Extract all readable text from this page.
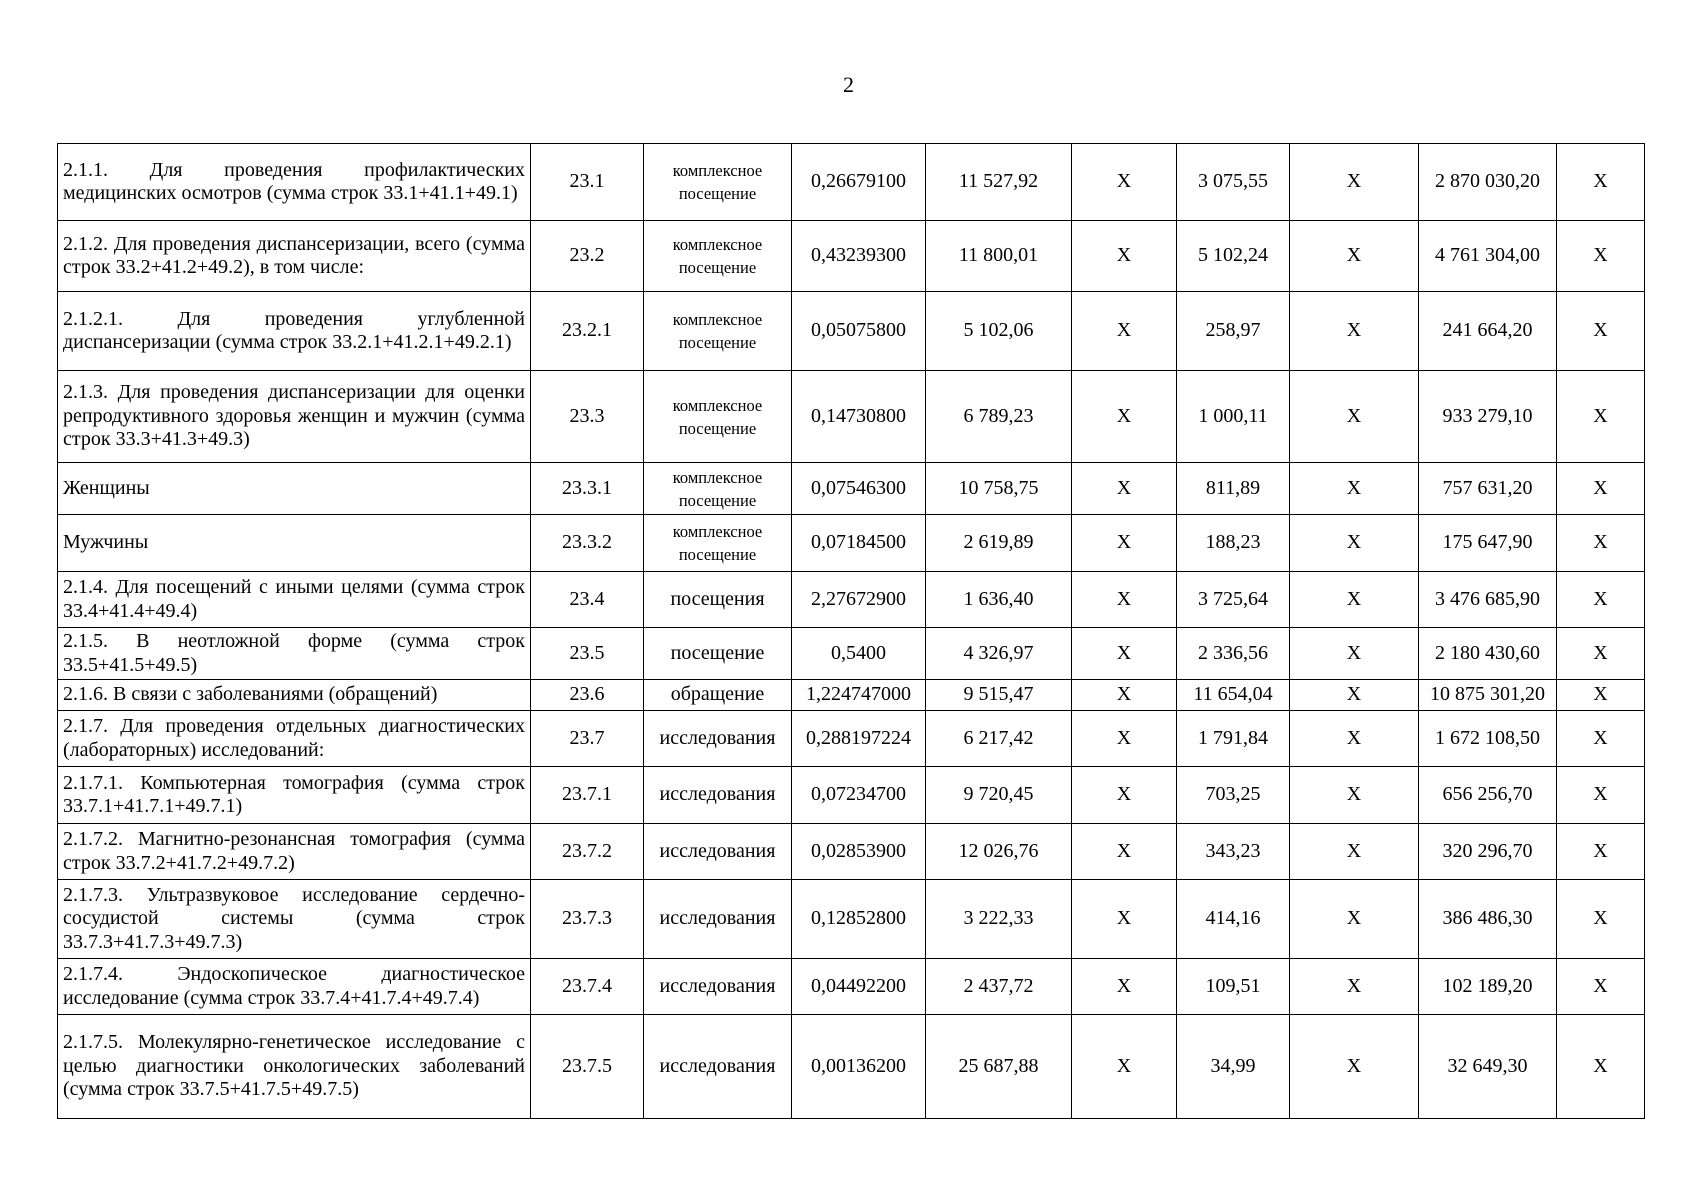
2
2.1.1. Для проведения профилактических медицинских осмотров (сумма строк 33.1+41.1+49.1)	23.1	комплексное посещение	0,26679100	11 527,92	X	3 075,55	X	2 870 030,20	X
2.1.2. Для проведения диспансеризации, всего (сумма строк 33.2+41.2+49.2), в том числе:	23.2	комплексное посещение	0,43239300	11 800,01	X	5 102,24	X	4 761 304,00	X
2.1.2.1. Для проведения углубленной диспансеризации (сумма строк 33.2.1+41.2.1+49.2.1)	23.2.1	комплексное посещение	0,05075800	5 102,06	X	258,97	X	241 664,20	X
2.1.3. Для проведения диспансеризации для оценки репродуктивного здоровья женщин и мужчин (сумма строк 33.3+41.3+49.3)	23.3	комплексное посещение	0,14730800	6 789,23	X	1 000,11	X	933 279,10	X
Женщины	23.3.1	комплексное посещение	0,07546300	10 758,75	X	811,89	X	757 631,20	X
Мужчины	23.3.2	комплексное посещение	0,07184500	2 619,89	X	188,23	X	175 647,90	X
2.1.4. Для посещений с иными целями (сумма строк 33.4+41.4+49.4)	23.4	посещения	2,27672900	1 636,40	X	3 725,64	X	3 476 685,90	X
2.1.5. В неотложной форме (сумма строк 33.5+41.5+49.5)	23.5	посещение	0,5400	4 326,97	X	2 336,56	X	2 180 430,60	X
2.1.6. В связи с заболеваниями (обращений)	23.6	обращение	1,224747000	9 515,47	X	11 654,04	X	10 875 301,20	X
2.1.7. Для проведения отдельных диагностических (лабораторных) исследований:	23.7	исследования	0,288197224	6 217,42	X	1 791,84	X	1 672 108,50	X
2.1.7.1. Компьютерная томография (сумма строк 33.7.1+41.7.1+49.7.1)	23.7.1	исследования	0,07234700	9 720,45	X	703,25	X	656 256,70	X
2.1.7.2. Магнитно-резонансная томография (сумма строк 33.7.2+41.7.2+49.7.2)	23.7.2	исследования	0,02853900	12 026,76	X	343,23	X	320 296,70	X
2.1.7.3. Ультразвуковое исследование сердечно-сосудистой системы (сумма строк 33.7.3+41.7.3+49.7.3)	23.7.3	исследования	0,12852800	3 222,33	X	414,16	X	386 486,30	X
2.1.7.4. Эндоскопическое диагностическое исследование (сумма строк 33.7.4+41.7.4+49.7.4)	23.7.4	исследования	0,04492200	2 437,72	X	109,51	X	102 189,20	X
2.1.7.5. Молекулярно-генетическое исследование с целью диагностики онкологических заболеваний (сумма строк 33.7.5+41.7.5+49.7.5)	23.7.5	исследования	0,00136200	25 687,88	X	34,99	X	32 649,30	X
